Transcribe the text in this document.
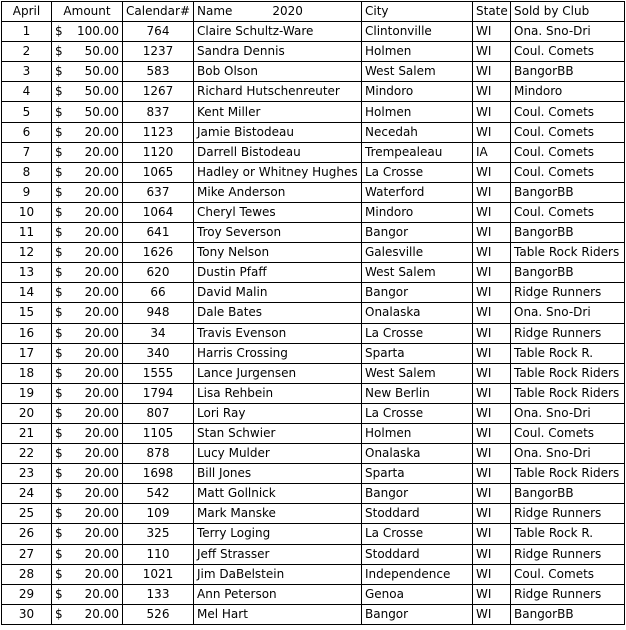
April	Amount	Calendar#	Name 2020	City	State	Sold by Club
1	$ 100.00	764	Claire Schultz-Ware	Clintonville	WI	Ona. Sno-Dri
2	$ 50.00	1237	Sandra Dennis	Holmen	WI	Coul. Comets
3	$ 50.00	583	Bob Olson	West Salem	WI	BangorBB
4	$ 50.00	1267	Richard Hutschenreuter	Mindoro	WI	Mindoro
5	$ 50.00	837	Kent Miller	Holmen	WI	Coul. Comets
6	$ 20.00	1123	Jamie Bistodeau	Necedah	WI	Coul. Comets
7	$ 20.00	1120	Darrell Bistodeau	Trempealeau	IA	Coul. Comets
8	$ 20.00	1065	Hadley or Whitney Hughes	La Crosse	WI	Coul. Comets
9	$ 20.00	637	Mike Anderson	Waterford	WI	BangorBB
10	$ 20.00	1064	Cheryl Tewes	Mindoro	WI	Coul. Comets
11	$ 20.00	641	Troy Severson	Bangor	WI	BangorBB
12	$ 20.00	1626	Tony Nelson	Galesville	WI	Table Rock Riders
13	$ 20.00	620	Dustin Pfaff	West Salem	WI	BangorBB
14	$ 20.00	66	David Malin	Bangor	WI	Ridge Runners
15	$ 20.00	948	Dale Bates	Onalaska	WI	Ona. Sno-Dri
16	$ 20.00	34	Travis Evenson	La Crosse	WI	Ridge Runners
17	$ 20.00	340	Harris Crossing	Sparta	WI	Table Rock R.
18	$ 20.00	1555	Lance Jurgensen	West Salem	WI	Table Rock Riders
19	$ 20.00	1794	Lisa Rehbein	New Berlin	WI	Table Rock Riders
20	$ 20.00	807	Lori Ray	La Crosse	WI	Ona. Sno-Dri
21	$ 20.00	1105	Stan Schwier	Holmen	WI	Coul. Comets
22	$ 20.00	878	Lucy Mulder	Onalaska	WI	Ona. Sno-Dri
23	$ 20.00	1698	Bill Jones	Sparta	WI	Table Rock Riders
24	$ 20.00	542	Matt Gollnick	Bangor	WI	BangorBB
25	$ 20.00	109	Mark Manske	Stoddard	WI	Ridge Runners
26	$ 20.00	325	Terry Loging	La Crosse	WI	Table Rock R.
27	$ 20.00	110	Jeff Strasser	Stoddard	WI	Ridge Runners
28	$ 20.00	1021	Jim DaBelstein	Independence	WI	Coul. Comets
29	$ 20.00	133	Ann Peterson	Genoa	WI	Ridge Runners
30	$ 20.00	526	Mel Hart	Bangor	WI	BangorBB
